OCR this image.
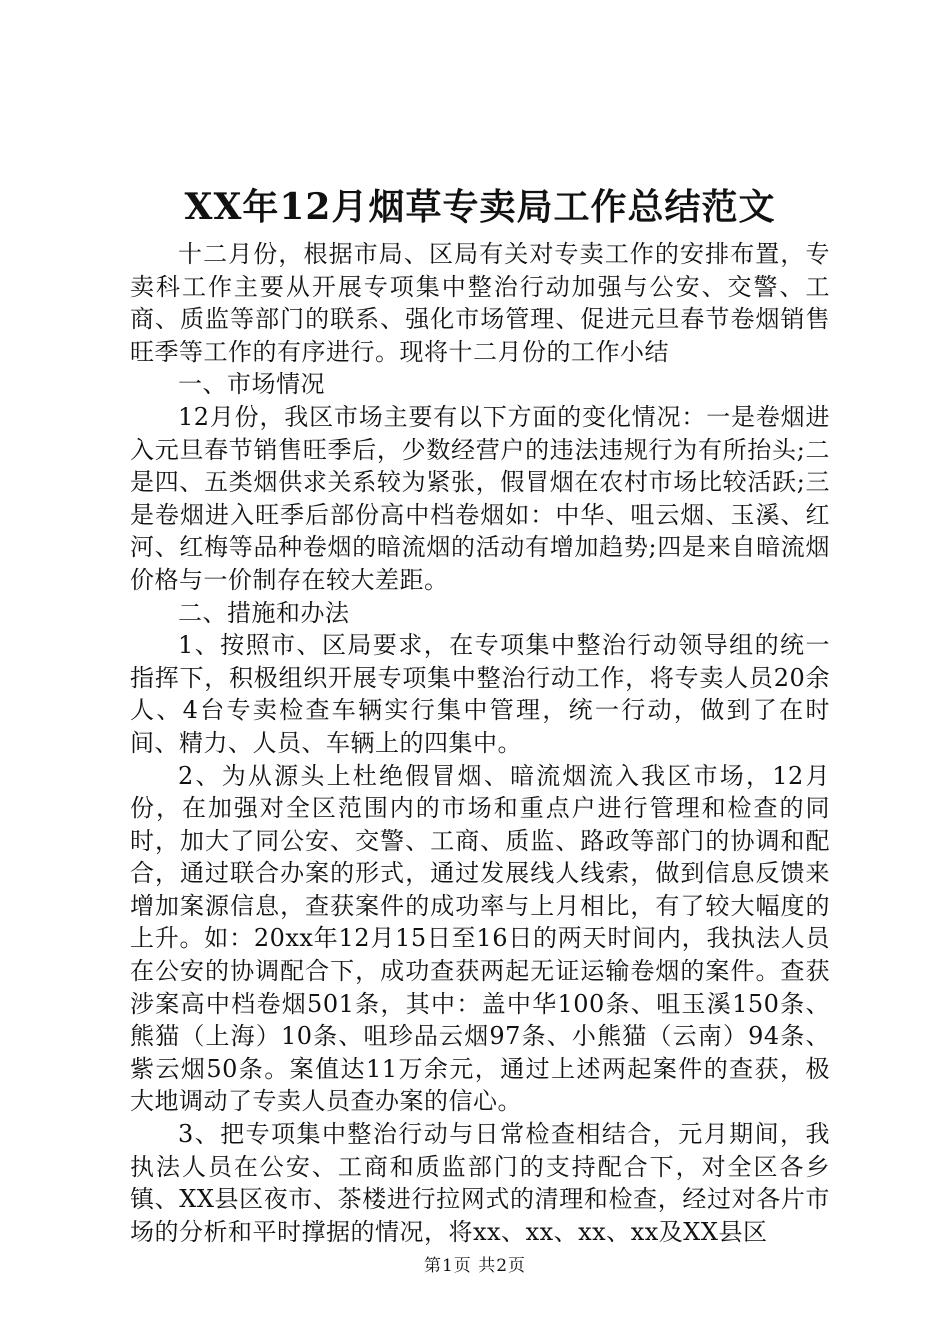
XX年12月烟草专卖局工作总结范文

十二月份，根据市局、区局有关对专卖工作的安排布置，专卖科工作主要从开展专项集中整治行动加强与公安、交警、工商、质监等部门的联系、强化市场管理、促进元旦春节卷烟销售旺季等工作的有序进行。现将十二月份的工作小结

一、市场情况

12月份，我区市场主要有以下方面的变化情况：一是卷烟进入元旦春节销售旺季后，少数经营户的违法违规行为有所抬头;二是四、五类烟供求关系较为紧张，假冒烟在农村市场比较活跃;三是卷烟进入旺季后部份高中档卷烟如：中华、咀云烟、玉溪、红河、红梅等品种卷烟的暗流烟的活动有增加趋势;四是来自暗流烟价格与一价制存在较大差距。

二、措施和办法

1、按照市、区局要求，在专项集中整治行动领导组的统一指挥下，积极组织开展专项集中整治行动工作，将专卖人员20余人、4台专卖检查车辆实行集中管理，统一行动，做到了在时间、精力、人员、车辆上的四集中。

2、为从源头上杜绝假冒烟、暗流烟流入我区市场，12月份，在加强对全区范围内的市场和重点户进行管理和检查的同时，加大了同公安、交警、工商、质监、路政等部门的协调和配合，通过联合办案的形式，通过发展线人线索，做到信息反馈来增加案源信息，查获案件的成功率与上月相比，有了较大幅度的上升。如：20xx年12月15日至16日的两天时间内，我执法人员在公安的协调配合下，成功查获两起无证运输卷烟的案件。查获涉案高中档卷烟501条，其中：盖中华100条、咀玉溪150条、熊猫（上海）10条、咀珍品云烟97条、小熊猫（云南）94条、紫云烟50条。案值达11万余元，通过上述两起案件的查获，极大地调动了专卖人员查办案的信心。

3、把专项集中整治行动与日常检查相结合，元月期间，我执法人员在公安、工商和质监部门的支持配合下，对全区各乡镇、XX县区夜市、茶楼进行拉网式的清理和检查，经过对各片市场的分析和平时撑据的情况，将xx、xx、xx、xx及XX县区

第1页 共2页
